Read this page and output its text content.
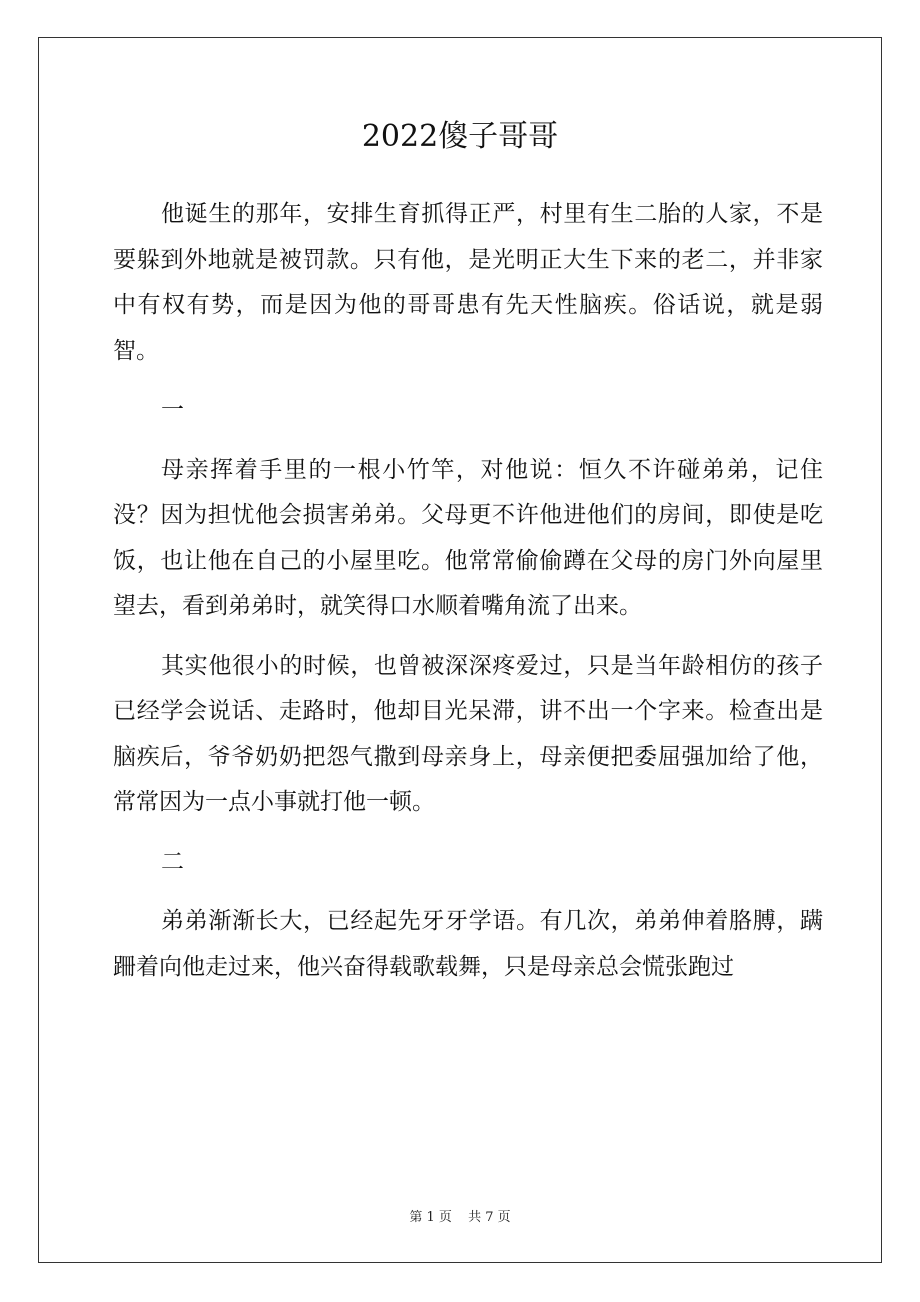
2022傻子哥哥

他诞生的那年，安排生育抓得正严，村里有生二胎的人家，不是要躲到外地就是被罚款。只有他，是光明正大生下来的老二，并非家中有权有势，而是因为他的哥哥患有先天性脑疾。俗话说，就是弱智。

一

母亲挥着手里的一根小竹竿，对他说：恒久不许碰弟弟，记住没？因为担忧他会损害弟弟。父母更不许他进他们的房间，即使是吃饭，也让他在自己的小屋里吃。他常常偷偷蹲在父母的房门外向屋里望去，看到弟弟时，就笑得口水顺着嘴角流了出来。

其实他很小的时候，也曾被深深疼爱过，只是当年龄相仿的孩子已经学会说话、走路时，他却目光呆滞，讲不出一个字来。检查出是脑疾后，爷爷奶奶把怨气撒到母亲身上，母亲便把委屈强加给了他，常常因为一点小事就打他一顿。

二

弟弟渐渐长大，已经起先牙牙学语。有几次，弟弟伸着胳膊，蹒跚着向他走过来，他兴奋得载歌载舞，只是母亲总会慌张跑过

第 1 页 共 7 页
